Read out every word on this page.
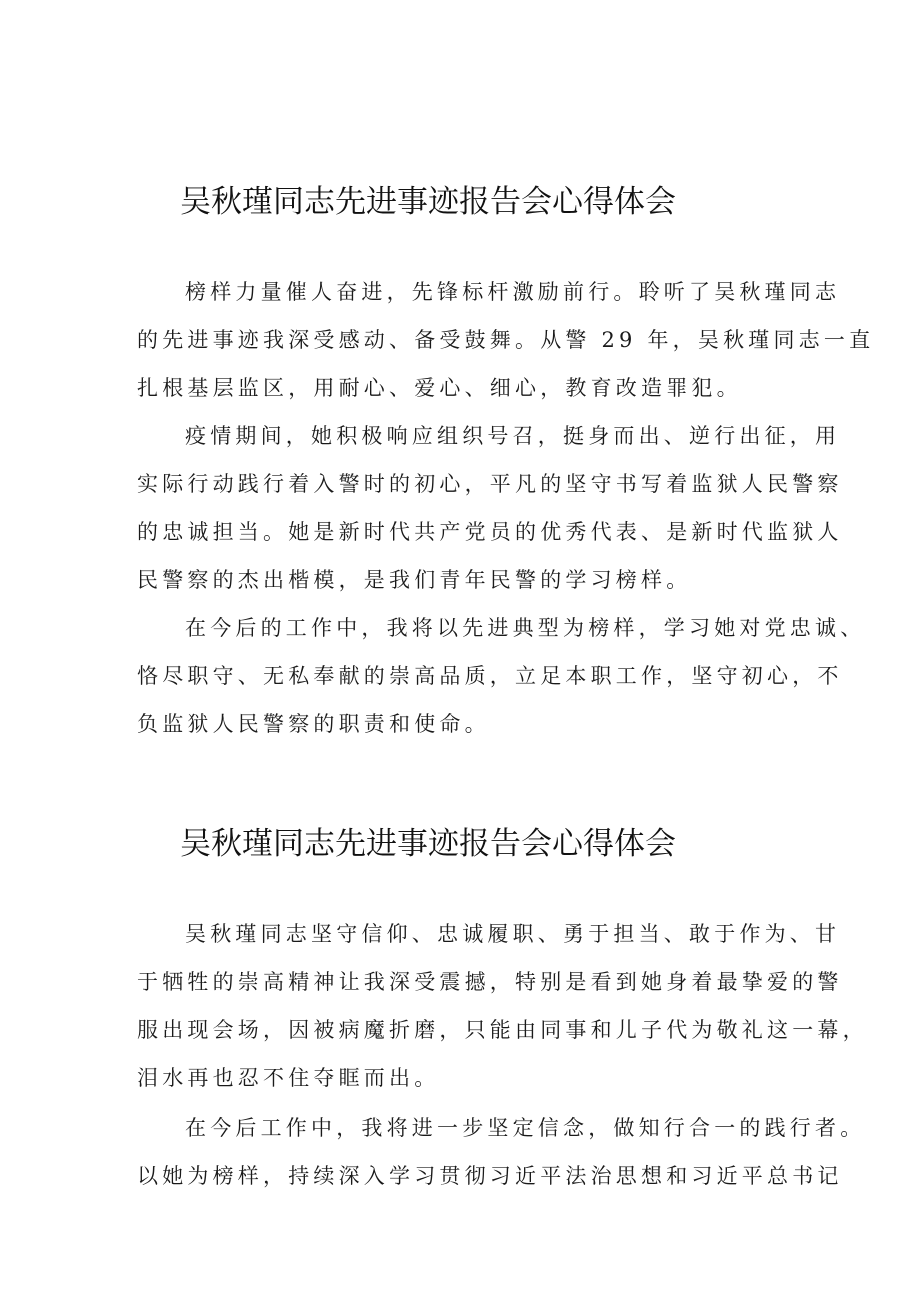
吴秋瑾同志先进事迹报告会心得体会
榜样力量催人奋进，先锋标杆激励前行。聆听了吴秋瑾同志
的先进事迹我深受感动、备受鼓舞。从警 29 年，吴秋瑾同志一直
扎根基层监区，用耐心、爱心、细心，教育改造罪犯。
疫情期间，她积极响应组织号召，挺身而出、逆行出征，用
实际行动践行着入警时的初心，平凡的坚守书写着监狱人民警察
的忠诚担当。她是新时代共产党员的优秀代表、是新时代监狱人
民警察的杰出楷模，是我们青年民警的学习榜样。
在今后的工作中，我将以先进典型为榜样，学习她对党忠诚、
恪尽职守、无私奉献的崇高品质，立足本职工作，坚守初心，不
负监狱人民警察的职责和使命。
吴秋瑾同志先进事迹报告会心得体会
吴秋瑾同志坚守信仰、忠诚履职、勇于担当、敢于作为、甘
于牺牲的崇高精神让我深受震撼，特别是看到她身着最挚爱的警
服出现会场，因被病魔折磨，只能由同事和儿子代为敬礼这一幕，
泪水再也忍不住夺眶而出。
在今后工作中，我将进一步坚定信念，做知行合一的践行者。
以她为榜样，持续深入学习贯彻习近平法治思想和习近平总书记
